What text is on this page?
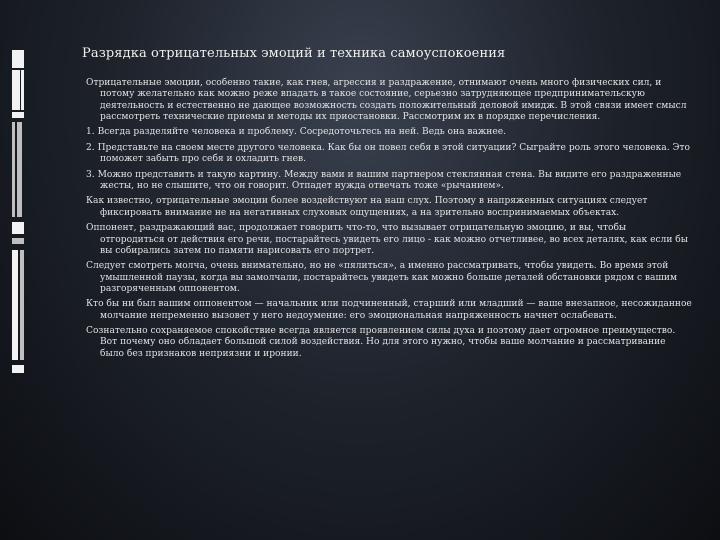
Разрядка отрицательных эмоций и техника самоуспокоения

Отрицательные эмоции, особенно такие, как гнев, агрессия и раздражение, отнимают очень много физических сил, и потому желательно как можно реже впадать в такое состояние, серьезно затрудняющее предпринимательскую деятельность и естественно не дающее возможность создать положительный деловой имидж. В этой связи имеет смысл рассмотреть технические приемы и методы их приостановки. Рассмотрим их в порядке перечисления.

1. Всегда разделяйте человека и проблему. Сосредоточьтесь на ней. Ведь она важнее.

2. Представьте на своем месте другого человека. Как бы он повел себя в этой ситуации? Сыграйте роль этого человека. Это поможет забыть про себя и охладить гнев.

3. Можно представить и такую картину. Между вами и вашим партнером стеклянная стена. Вы видите его раздраженные жесты, но не слышите, что он говорит. Отпадет нужда отвечать тоже «рычанием».

Как известно, отрицательные эмоции более воздействуют на наш слух. Поэтому в напряженных ситуациях следует фиксировать внимание не на негативных слуховых ощущениях, а на зрительно воспринимаемых объектах.

Оппонент, раздражающий вас, продолжает говорить что-то, что вызывает отрицательную эмоцию, и вы, чтобы отгородиться от действия его речи, постарайтесь увидеть его лицо - как можно отчетливее, во всех деталях, как если бы вы собирались затем по памяти нарисовать его портрет.

Следует смотреть молча, очень внимательно, но не «пялиться», а именно рассматривать, чтобы увидеть. Во время этой умышленной паузы, когда вы замолчали, постарайтесь увидеть как можно больше деталей обстановки рядом с вашим разгоряченным оппонентом.

Кто бы ни был вашим оппонентом — начальник или подчиненный, старший или младший — ваше внезапное, несожиданное молчание непременно вызовет у него недоумение: его эмоциональная напряженность начнет ослабевать.

Сознательно сохраняемое спокойствие всегда является проявлением силы духа и поэтому дает огромное преимущество. Вот почему оно обладает большой силой воздействия. Но для этого нужно, чтобы ваше молчание и рассматривание было без признаков неприязни и иронии.
